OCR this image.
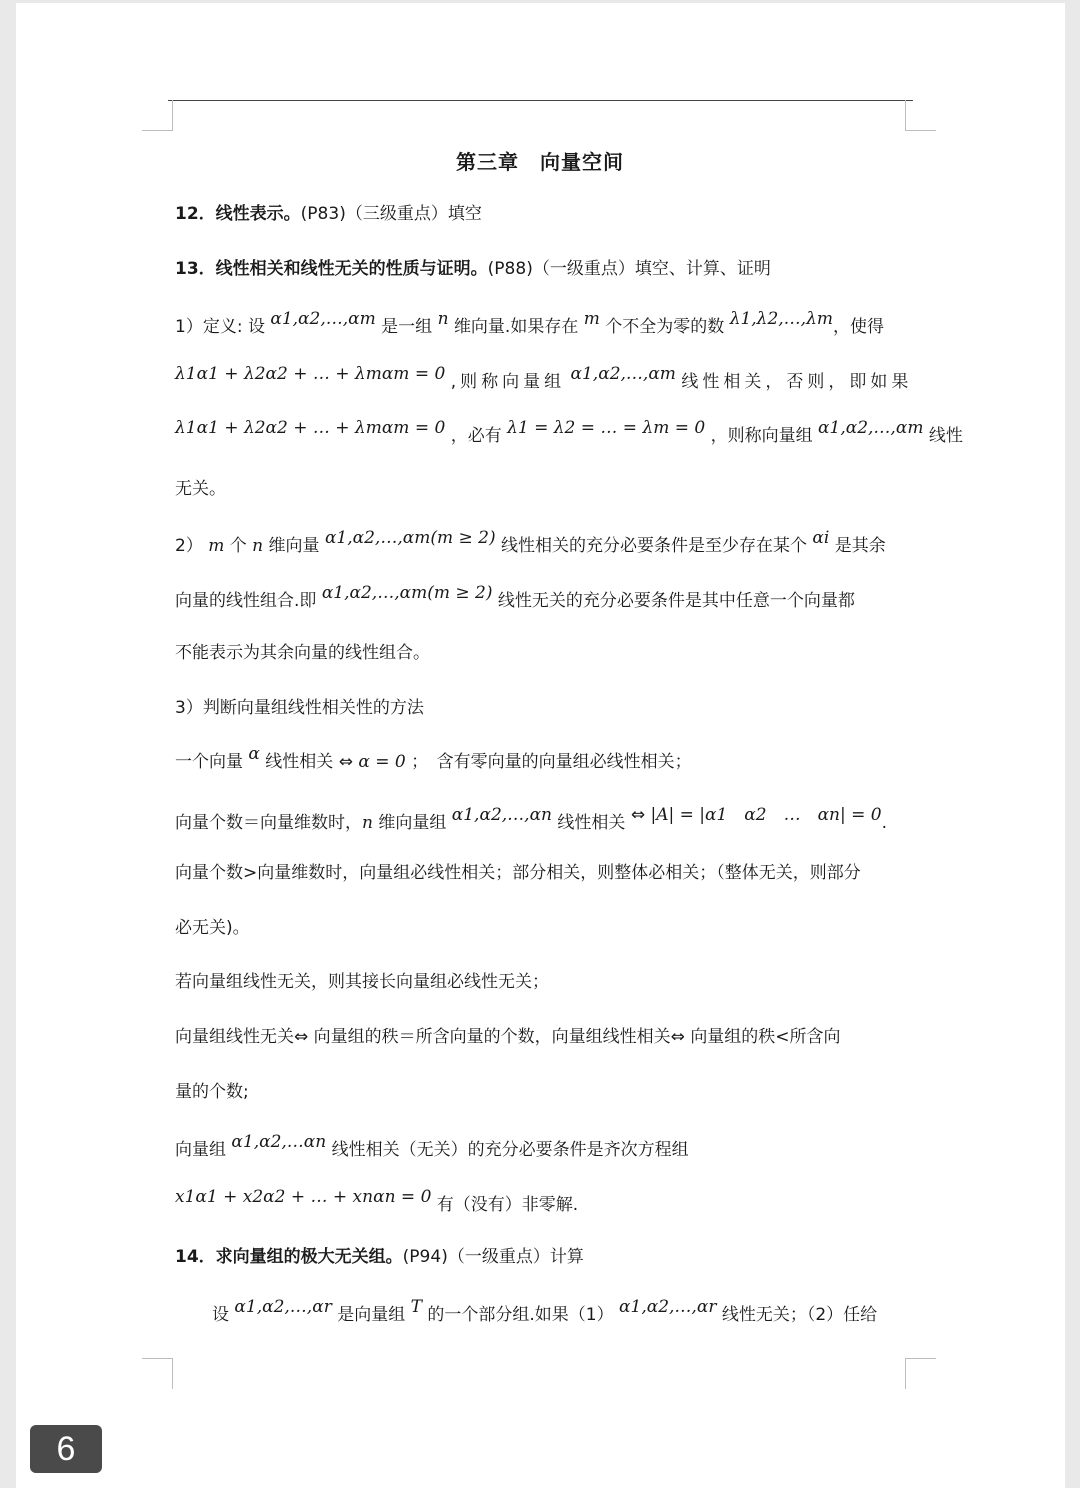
第三章　向量空间
12．线性表示。(P83)（三级重点）填空
13．线性相关和线性无关的性质与证明。(P88)（一级重点）填空、计算、证明
1）定义: 设 α1,α2,…,αm 是一组 n 维向量.如果存在 m 个不全为零的数 λ1,λ2,…,λm，使得
λ1α1 + λ2α2 + … + λmαm = 0 ,则称向量组 α1,α2,…,αm 线性相关，否则，即如果
λ1α1 + λ2α2 + … + λmαm = 0 ，必有 λ1 = λ2 = … = λm = 0 ，则称向量组 α1,α2,…,αm 线性
无关。
2） m 个 n 维向量 α1,α2,…,αm(m ≥ 2) 线性相关的充分必要条件是至少存在某个 αi 是其余
向量的线性组合.即 α1,α2,…,αm(m ≥ 2) 线性无关的充分必要条件是其中任意一个向量都
不能表示为其余向量的线性组合。
3）判断向量组线性相关性的方法
一个向量 α 线性相关 ⇔ α = 0 ；　含有零向量的向量组必线性相关；
向量个数＝向量维数时，n 维向量组 α1,α2,…,αn 线性相关 ⇔ |A| = |α1　α2　…　αn| = 0.
向量个数>向量维数时，向量组必线性相关；部分相关，则整体必相关；（整体无关，则部分
必无关)。
若向量组线性无关，则其接长向量组必线性无关；
向量组线性无关⇔ 向量组的秩＝所含向量的个数，向量组线性相关⇔ 向量组的秩<所含向
量的个数;
向量组 α1,α2,…αn 线性相关（无关）的充分必要条件是齐次方程组
x1α1 + x2α2 + … + xnαn = 0 有（没有）非零解.
14．求向量组的极大无关组。(P94)（一级重点）计算
设 α1,α2,…,αr 是向量组 T 的一个部分组.如果（1） α1,α2,…,αr 线性无关；（2）任给
6
